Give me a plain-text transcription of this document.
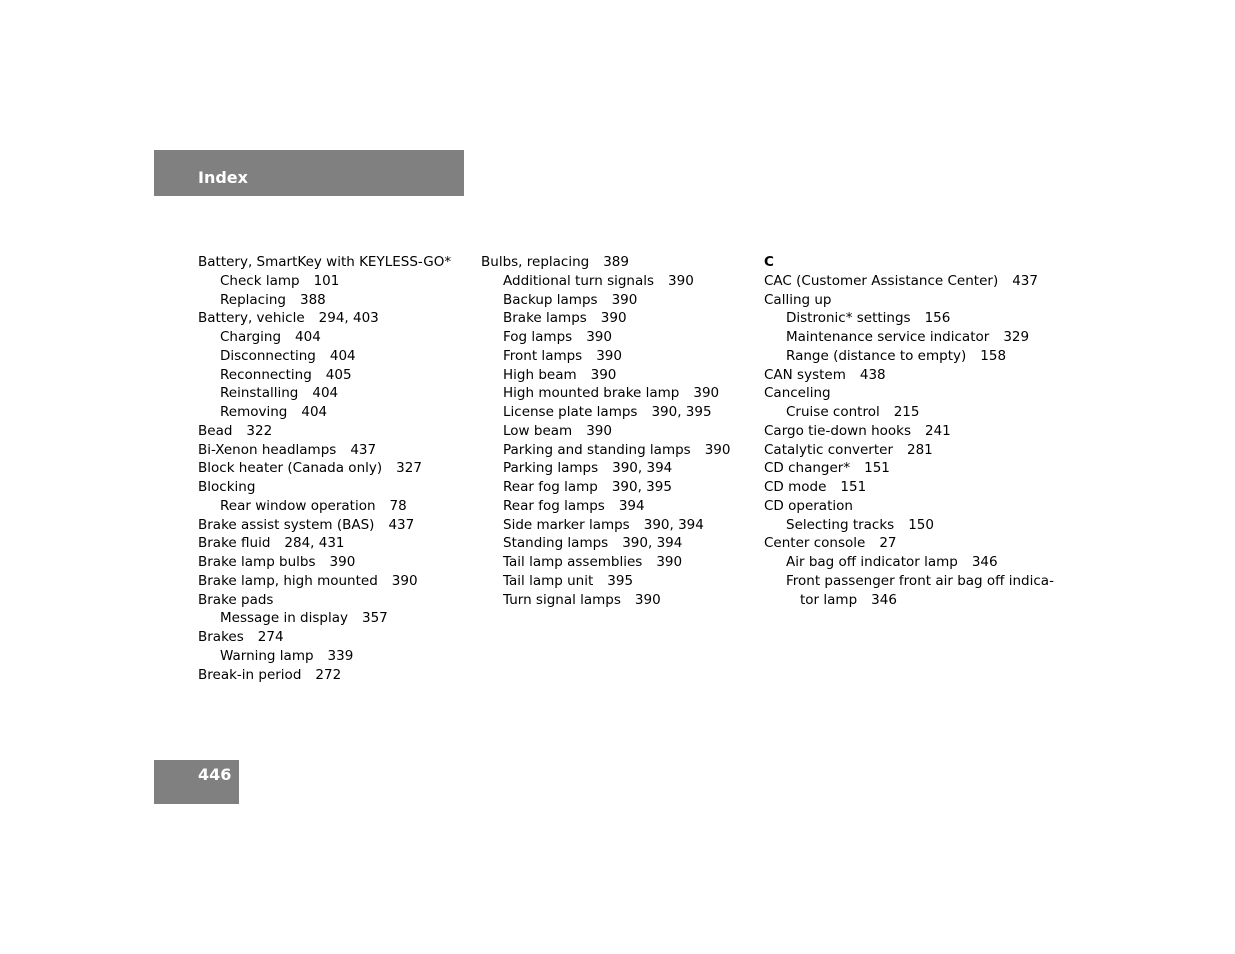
Index
Battery, SmartKey with KEYLESS-GO*
Check lamp 101
Replacing 388
Battery, vehicle 294, 403
Charging 404
Disconnecting 404
Reconnecting 405
Reinstalling 404
Removing 404
Bead 322
Bi-Xenon headlamps 437
Block heater (Canada only) 327
Blocking
Rear window operation 78
Brake assist system (BAS) 437
Brake fluid 284, 431
Brake lamp bulbs 390
Brake lamp, high mounted 390
Brake pads
Message in display 357
Brakes 274
Warning lamp 339
Break-in period 272
Bulbs, replacing 389
Additional turn signals 390
Backup lamps 390
Brake lamps 390
Fog lamps 390
Front lamps 390
High beam 390
High mounted brake lamp 390
License plate lamps 390, 395
Low beam 390
Parking and standing lamps 390
Parking lamps 390, 394
Rear fog lamp 390, 395
Rear fog lamps 394
Side marker lamps 390, 394
Standing lamps 390, 394
Tail lamp assemblies 390
Tail lamp unit 395
Turn signal lamps 390
C
CAC (Customer Assistance Center) 437
Calling up
Distronic* settings 156
Maintenance service indicator 329
Range (distance to empty) 158
CAN system 438
Canceling
Cruise control 215
Cargo tie-down hooks 241
Catalytic converter 281
CD changer* 151
CD mode 151
CD operation
Selecting tracks 150
Center console 27
Air bag off indicator lamp 346
Front passenger front air bag off indica-
tor lamp 346
446
